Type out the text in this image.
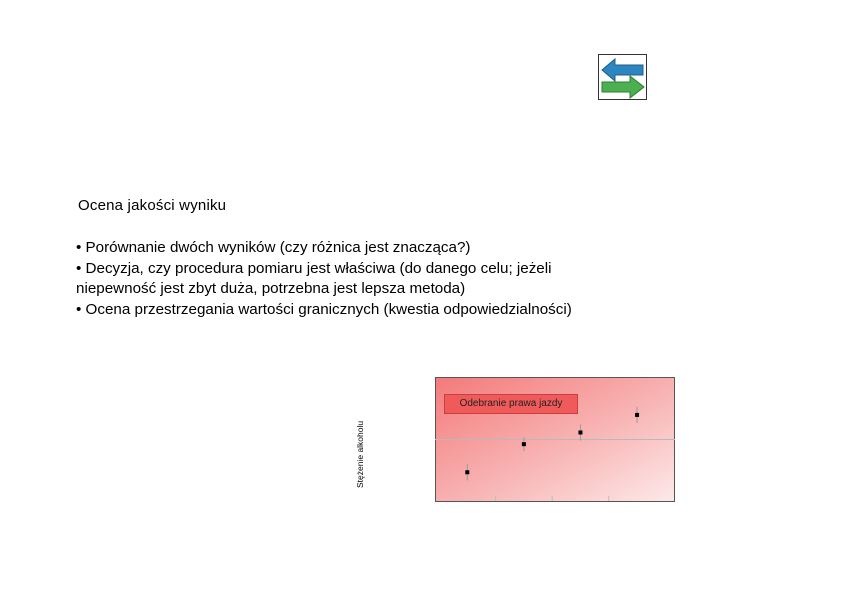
Ocena jakości wyniku
• Porównanie dwóch wyników (czy różnica jest znacząca?)
• Decyzja, czy procedura pomiaru jest właściwa (do danego celu; jeżeli
niepewność jest zbyt duża, potrzebna jest lepsza metoda)
• Ocena przestrzegania wartości granicznych (kwestia odpowiedzialności)
Stężenie alkoholu
Odebranie prawa jazdy
